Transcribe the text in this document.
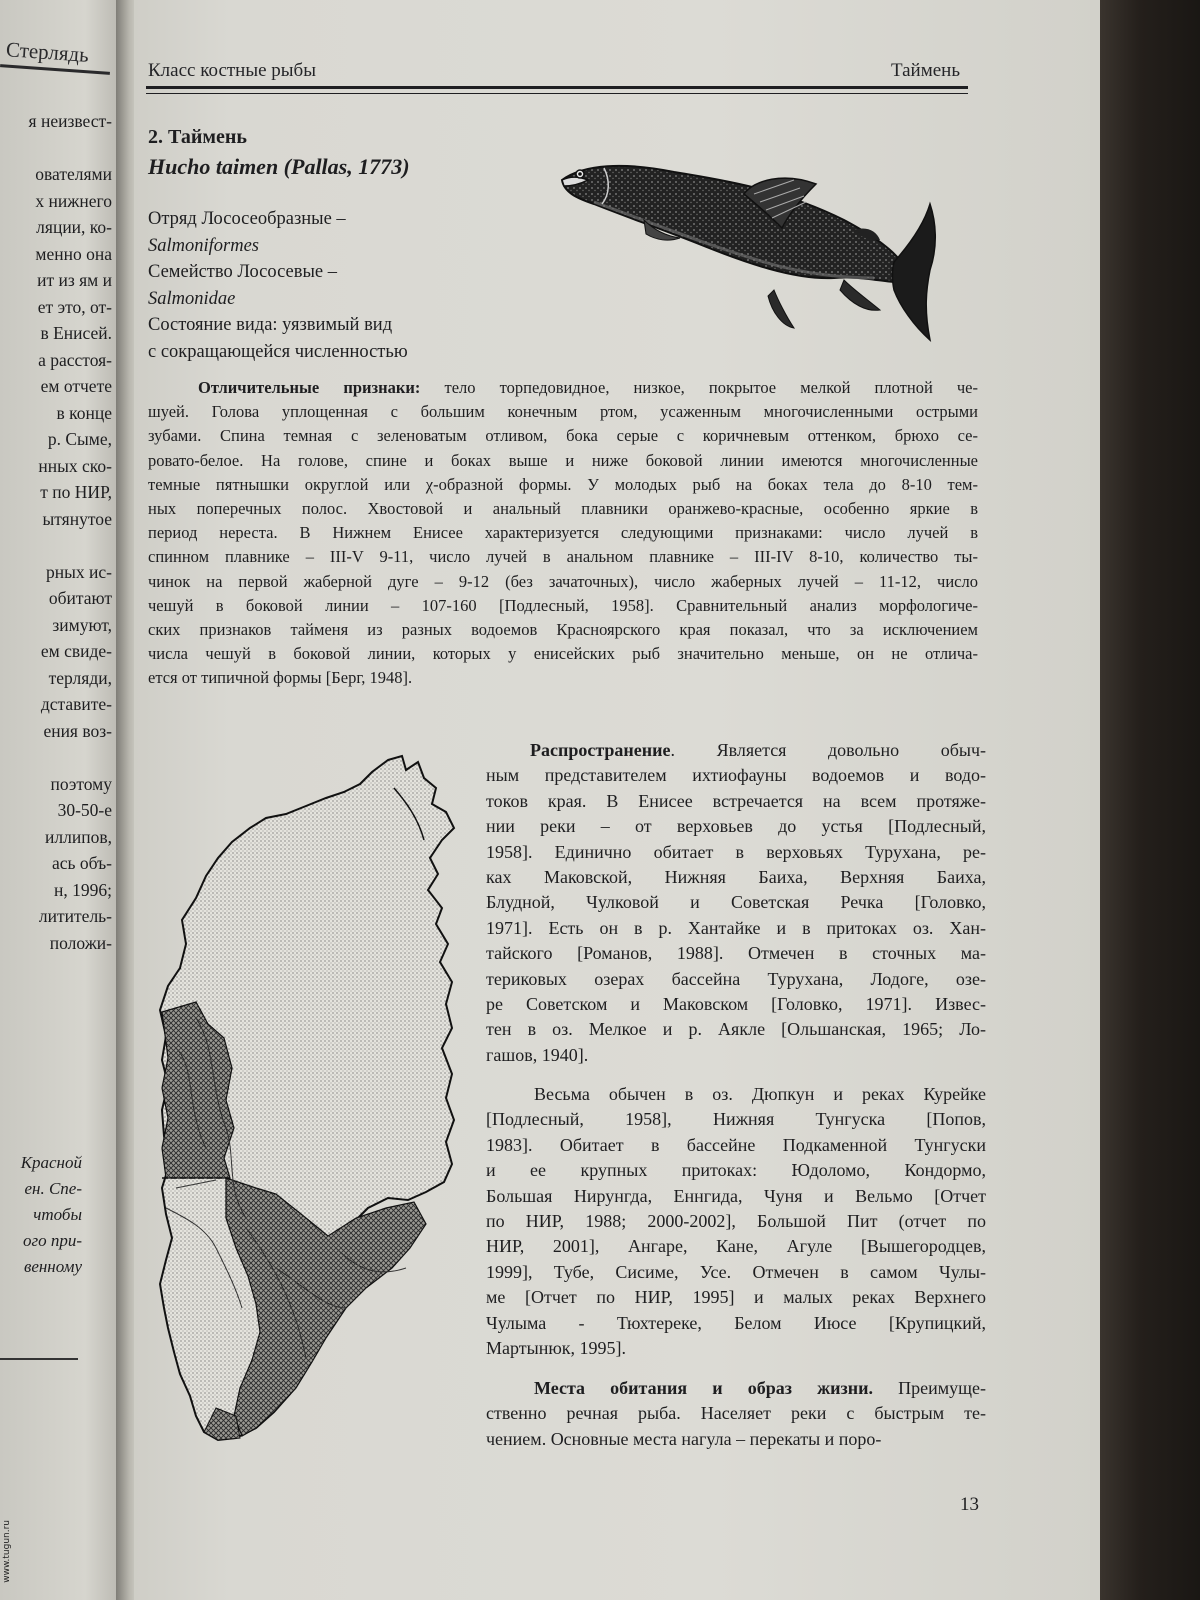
Стерлядь
я неизвест-

ователями
х нижнего
ляции, ко-
менно она
ит из ям и
ет это, от-
в Енисей.
а расстоя-
ем отчете
в конце
р. Сыме,
нных ско-
т по НИР,
ытянутое

рных ис-
обитают
зимуют,
ем свиде-
терляди,
дставите-
ения воз-

поэтому
30-50-е
иллипов,
ась объ-
н, 1996;
лититель-
положи-
Красной
ен. Спе-
чтобы
ого при-
венному
www.tugun.ru
Класс костные рыбы	Таймень
2. Таймень
Hucho taimen (Pallas, 1773)
Отряд Лососеобразные –
Salmoniformes
Семейство Лососевые –
Salmonidae
Состояние вида: уязвимый вид
с сокращающейся численностью
Отличительные признаки: тело торпедовидное, низкое, покрытое мелкой плотной че-
шуей. Голова уплощенная с большим конечным ртом, усаженным многочисленными острыми
зубами. Спина темная с зеленоватым отливом, бока серые с коричневым оттенком, брюхо се-
ровато-белое. На голове, спине и боках выше и ниже боковой линии имеются многочисленные
темные пятнышки округлой или χ-образной формы. У молодых рыб на боках тела до 8-10 тем-
ных поперечных полос. Хвостовой и анальный плавники оранжево-красные, особенно яркие в
период нереста. В Нижнем Енисее характеризуется следующими признаками: число лучей в
спинном плавнике – III-V 9-11, число лучей в анальном плавнике – III-IV 8-10, количество ты-
чинок на первой жаберной дуге – 9-12 (без зачаточных), число жаберных лучей – 11-12, число
чешуй в боковой линии – 107-160 [Подлесный, 1958]. Сравнительный анализ морфологиче-
ских признаков тайменя из разных водоемов Красноярского края показал, что за исключением
числа чешуй в боковой линии, которых у енисейских рыб значительно меньше, он не отлича-
ется от типичной формы [Берг, 1948].
Распространение. Является довольно обыч-
ным представителем ихтиофауны водоемов и водо-
токов края. В Енисее встречается на всем протяже-
нии реки – от верховьев до устья [Подлесный,
1958]. Единично обитает в верховьях Турухана, ре-
ках Маковской, Нижняя Баиха, Верхняя Баиха,
Блудной, Чулковой и Советская Речка [Головко,
1971]. Есть он в р. Хантайке и в притоках оз. Хан-
тайского [Романов, 1988]. Отмечен в сточных ма-
териковых озерах бассейна Турухана, Лодоге, озе-
ре Советском и Маковском [Головко, 1971]. Извес-
тен в оз. Мелкое и р. Аякле [Ольшанская, 1965; Ло-
гашов, 1940].
Весьма обычен в оз. Дюпкун и реках Курейке
[Подлесный, 1958], Нижняя Тунгуска [Попов,
1983]. Обитает в бассейне Подкаменной Тунгуски
и ее крупных притоках: Юдоломо, Кондормо,
Большая Нирунгда, Еннгида, Чуня и Вельмо [Отчет
по НИР, 1988; 2000-2002], Большой Пит (отчет по
НИР, 2001], Ангаре, Кане, Агуле [Вышегородцев,
1999], Тубе, Сисиме, Усе. Отмечен в самом Чулы-
ме [Отчет по НИР, 1995] и малых реках Верхнего
Чулыма - Тюхтереке, Белом Июсе [Крупицкий,
Мартынюк, 1995].
Места обитания и образ жизни. Преимуще-
ственно речная рыба. Населяет реки с быстрым те-
чением. Основные места нагула – перекаты и поро-
13
